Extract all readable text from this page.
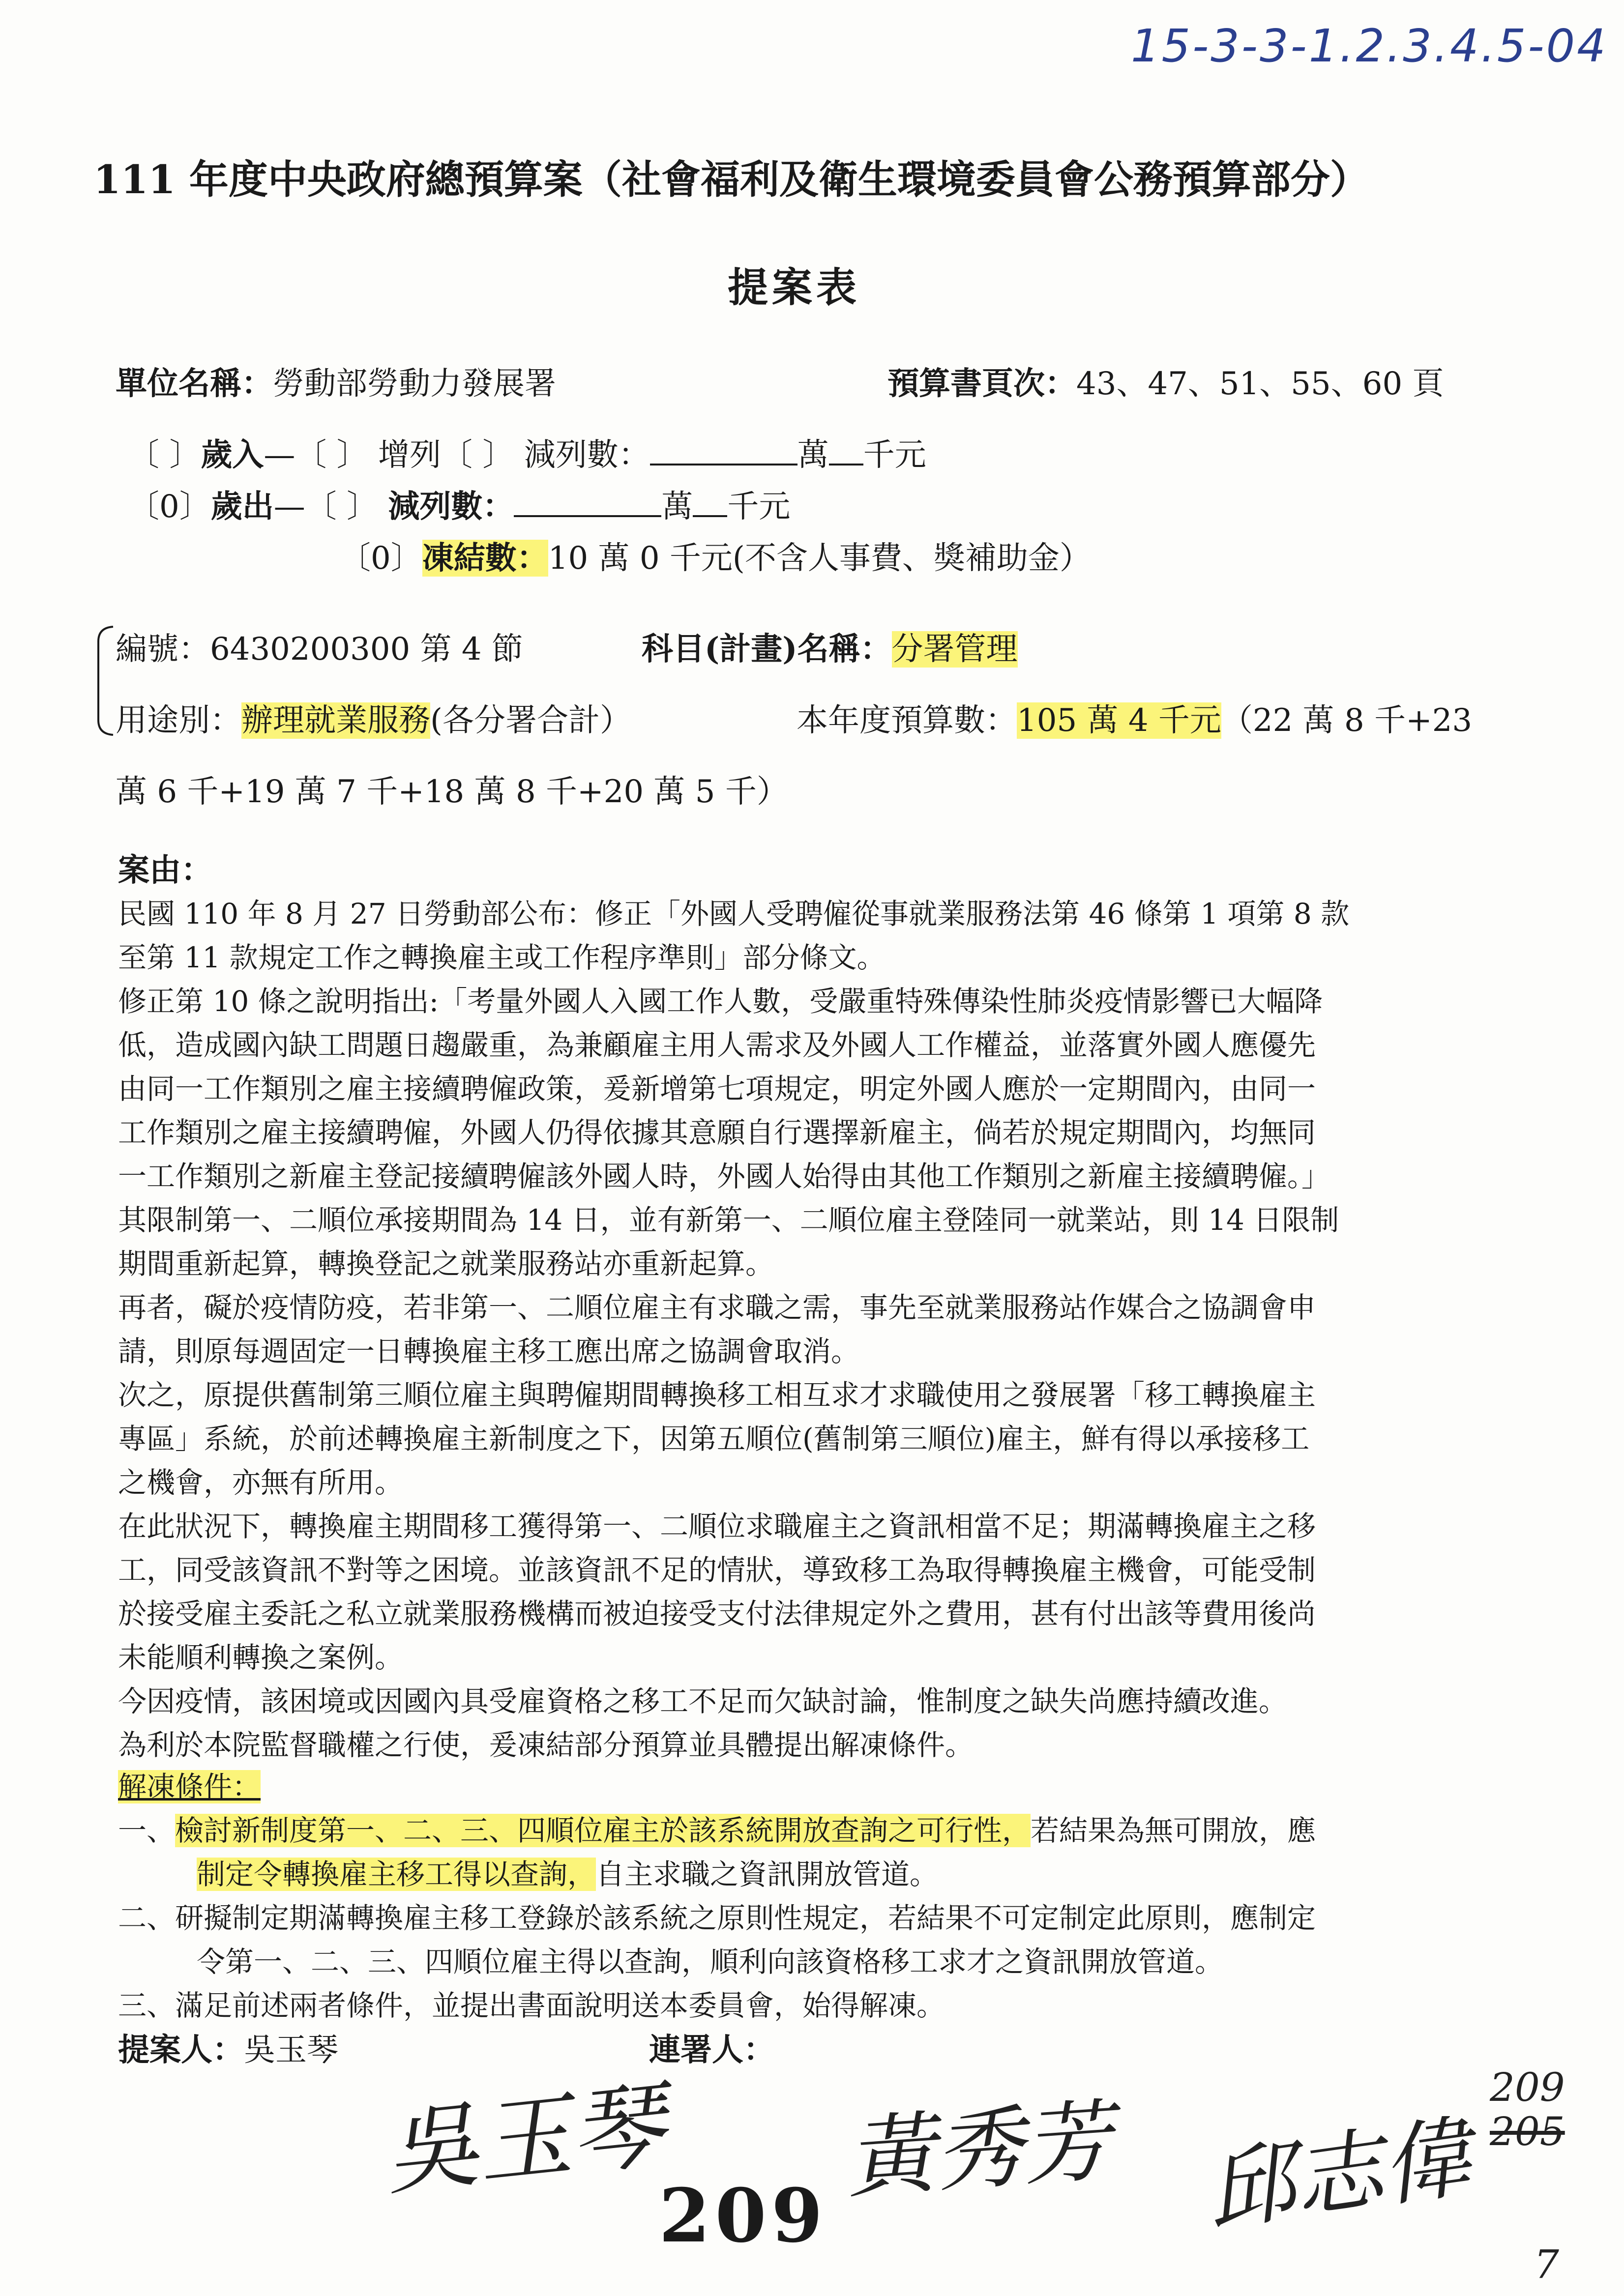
15-3-3-1.2.3.4.5-04
111 年度中央政府總預算案（社會福利及衛生環境委員會公務預算部分）
提案表
單位名稱：勞動部勞動力發展署	預算書頁次：43、47、51、55、60 頁
〔 〕歲入—〔 〕 增列〔 〕 減列數：	萬 千元
〔0〕歲出—〔 〕 減列數：	萬 千元
〔0〕凍結數：10 萬 0 千元(不含人事費、獎補助金）
編號：6430200300 第 4 節	科目(計畫)名稱：分署管理
用途別：辦理就業服務(各分署合計）	本年度預算數：105 萬 4 千元（22 萬 8 千+23
萬 6 千+19 萬 7 千+18 萬 8 千+20 萬 5 千）
案由：
民國 110 年 8 月 27 日勞動部公布：修正「外國人受聘僱從事就業服務法第 46 條第 1 項第 8 款
至第 11 款規定工作之轉換雇主或工作程序準則」部分條文。
修正第 10 條之說明指出:「考量外國人入國工作人數，受嚴重特殊傳染性肺炎疫情影響已大幅降
低，造成國內缺工問題日趨嚴重，為兼顧雇主用人需求及外國人工作權益，並落實外國人應優先
由同一工作類別之雇主接續聘僱政策，爰新增第七項規定，明定外國人應於一定期間內，由同一
工作類別之雇主接續聘僱，外國人仍得依據其意願自行選擇新雇主，倘若於規定期間內，均無同
一工作類別之新雇主登記接續聘僱該外國人時，外國人始得由其他工作類別之新雇主接續聘僱。」
其限制第一、二順位承接期間為 14 日，並有新第一、二順位雇主登陸同一就業站，則 14 日限制
期間重新起算，轉換登記之就業服務站亦重新起算。
再者，礙於疫情防疫，若非第一、二順位雇主有求職之需，事先至就業服務站作媒合之協調會申
請，則原每週固定一日轉換雇主移工應出席之協調會取消。
次之，原提供舊制第三順位雇主與聘僱期間轉換移工相互求才求職使用之發展署「移工轉換雇主
專區」系統，於前述轉換雇主新制度之下，因第五順位(舊制第三順位)雇主，鮮有得以承接移工
之機會，亦無有所用。
在此狀況下，轉換雇主期間移工獲得第一、二順位求職雇主之資訊相當不足；期滿轉換雇主之移
工，同受該資訊不對等之困境。並該資訊不足的情狀，導致移工為取得轉換雇主機會，可能受制
於接受雇主委託之私立就業服務機構而被迫接受支付法律規定外之費用，甚有付出該等費用後尚
未能順利轉換之案例。
今因疫情，該困境或因國內具受雇資格之移工不足而欠缺討論，惟制度之缺失尚應持續改進。
為利於本院監督職權之行使，爰凍結部分預算並具體提出解凍條件。
解凍條件：
一、檢討新制度第一、二、三、四順位雇主於該系統開放查詢之可行性，若結果為無可開放，應
制定令轉換雇主移工得以查詢，自主求職之資訊開放管道。
二、研擬制定期滿轉換雇主移工登錄於該系統之原則性規定，若結果不可定制定此原則，應制定
令第一、二、三、四順位雇主得以查詢，順利向該資格移工求才之資訊開放管道。
三、滿足前述兩者條件，並提出書面說明送本委員會，始得解凍。
提案人：吳玉琴	連署人：
吳玉琴 黃秀芳 邱志偉
209
209
205
7
